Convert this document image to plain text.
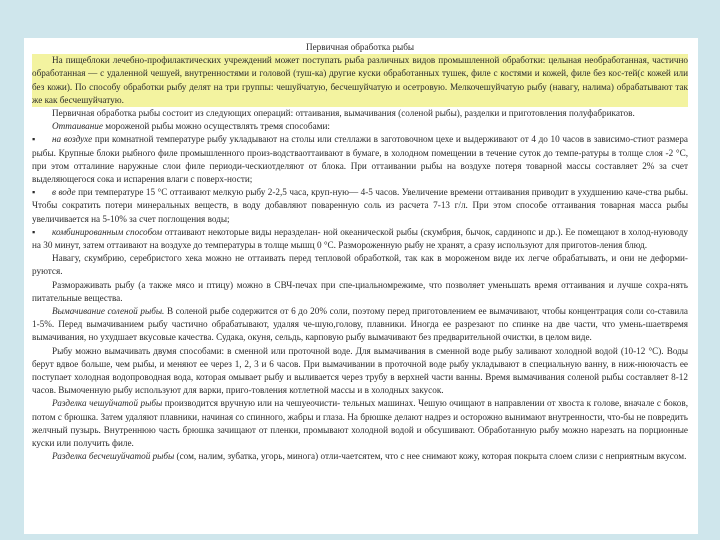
Первичная обработка рыбы

На пищеблоки лечебно-профилактических учреждений может поступать рыба различных видов промышленной обработки: целыная необработанная, частично обработанная — с удаленной чешуей, внутренностями и головой (туш-ка) другие куски обработанных тушек, филе с костями и кожей, филе без кос-тей(с кожей или без кожи). По способу обработки рыбу делят на три группы: чешуйчатую, бесчешуйчатую и осетровую. Мелкочешуйчатую рыбу (навагу, налима) обрабатывают так же как бесчешуйчатую.

Первичная обработка рыбы состоит из следующих операций: оттаивания, вымачивания (соленой рыбы), разделки и приготовления полуфабрикатов.

Оттаивание мороженой рыбы можно осуществлять тремя способами:

▪ на воздухе при комнатной температуре рыбу укладывают на столы или стеллажи в заготовочном цехе и выдерживают от 4 до 10 часов в зависимо-стиот размера рыбы. Крупные блоки рыбного филе промышленного произ-водстваоттаивают в бумаге, в холодном помещении в течение суток до темпе-ратуры в толще слоя -2 °С, при этом отталиние наружные слои филе периоди-ческиотделяют от блока. При оттаивании рыбы на воздухе потеря товарной массы составляет 2% за счет выделяющегося сока и испарения влаги с поверх-ности;

▪ в воде при температуре 15 °С оттаивают мелкую рыбу 2-2,5 часа, круп-ную— 4-5 часов. Увеличение времени оттаивания приводит в ухудшению каче-ства рыбы. Чтобы сократить потери минеральных веществ, в воду добавляют поваренную соль из расчета 7-13 г/л. При этом способе оттаивания товарная масса рыбы увеличивается на 5-10% за счет поглощения воды;

▪ комбинированным способом оттаивают некоторые виды неразделан- ной океанической рыбы (скумбрия, бычок, сардинопс и др.). Ее помещают в холод-нуюводу на 30 минут, затем оттаивают на воздухе до температуры в толще мышц 0 °С. Размороженную рыбу не хранят, а сразу используют для приготов-ления блюд.

Навагу, скумбрию, серебристого хека можно не оттаивать перед тепловой обработкой, так как в мороженом виде их легче обрабатывать, и они не деформи-руются.

Размораживать рыбу (а также мясо и птицу) можно в СВЧ-печах при спе-циальномрежиме, что позволяет уменьшать время оттаивания и лучше сохра-нять питательные вещества.

Вымачивание соленой рыбы. В соленой рыбе содержится от 6 до 20% соли, поэтому перед приготовлением ее вымачивают, чтобы концентрация соли со-ставила 1-5%. Перед вымачиванием рыбу частично обрабатывают, удаляя че-шую,голову, плавники. Иногда ее разрезают по спинке на две части, что умень-шаетвремя вымачивания, но ухудшает вкусовые качества. Судака, окуня, сельдь, карповую рыбу вымачивают без предварительной очистки, в целом виде.

Рыбу можно вымачивать двумя способами: в сменной или проточной воде. Для вымачивания в сменной воде рыбу заливают холодной водой (10-12 °С). Воды берут вдвое больше, чем рыбы, и меняют ее через 1, 2, 3 и 6 часов. При вымачивании в проточной воде рыбу укладывают в специальную ванну, в ниж-нюючасть ее поступает холодная водопроводная вода, которая омывает рыбу и выливается через трубу в верхней части ванны. Время вымачивания соленой рыбы составляет 8-12 часов. Вымоченную рыбу используют для варки, приго-товления котлетной массы и в холодных закусок.

Разделка чешуйчатой рыбы производится вручную или на чешуеочисти- тельных машинах. Чешую очищают в направлении от хвоста к голове, вначале с боков, потом с брюшка. Затем удаляют плавники, начиная со спинного, жабры и глаза. На брюшке делают надрез и осторожно вынимают внутренности, что-бы не повредить желчный пузырь. Внутреннюю часть брюшка зачищают от пленки, промывают холодной водой и обсушивают. Обработанную рыбу можно нарезать на порционные куски или получить филе.

Разделка бесчешуйчатой рыбы (сом, налим, зубатка, угорь, минога) отли-чаетсятем, что с нее снимают кожу, которая покрыта слоем слизи с неприятным вкусом.
